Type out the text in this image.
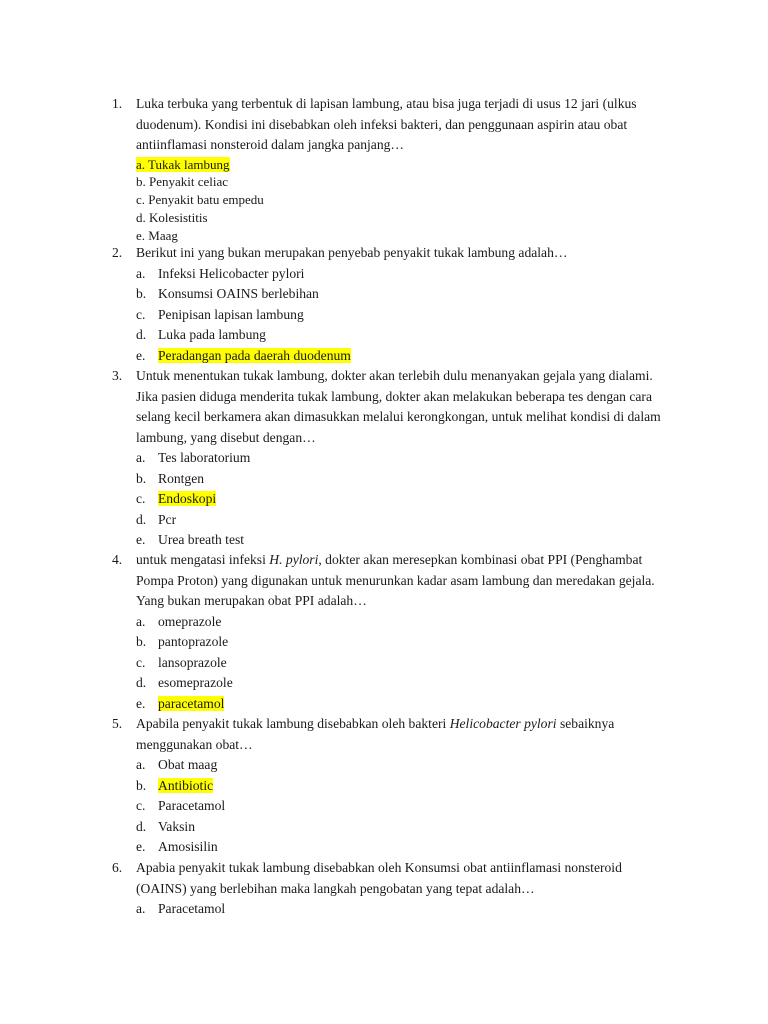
1.	Luka terbuka yang terbentuk di lapisan lambung, atau bisa juga terjadi di usus 12 jari (ulkus duodenum). Kondisi ini disebabkan oleh infeksi bakteri, dan penggunaan aspirin atau obat antiinflamasi nonsteroid dalam jangka panjang…
a. Tukak lambung
b. Penyakit celiac
c. Penyakit batu empedu
d. Kolesistitis
e. Maag
2.	Berikut ini yang bukan merupakan penyebab penyakit tukak lambung adalah…
a. Infeksi Helicobacter pylori
b. Konsumsi OAINS berlebihan
c. Penipisan lapisan lambung
d. Luka pada lambung
e. Peradangan pada daerah duodenum
3.	Untuk menentukan tukak lambung, dokter akan terlebih dulu menanyakan gejala yang dialami. Jika pasien diduga menderita tukak lambung, dokter akan melakukan beberapa tes dengan cara selang kecil berkamera akan dimasukkan melalui kerongkongan, untuk melihat kondisi di dalam lambung, yang disebut dengan…
a. Tes laboratorium
b. Rontgen
c. Endoskopi
d. Pcr
e. Urea breath test
4.	untuk mengatasi infeksi H. pylori, dokter akan meresepkan kombinasi obat PPI (Penghambat Pompa Proton) yang digunakan untuk menurunkan kadar asam lambung dan meredakan gejala. Yang bukan merupakan obat PPI adalah…
a. omeprazole
b. pantoprazole
c. lansoprazole
d. esomeprazole
e. paracetamol
5.	Apabila penyakit tukak lambung disebabkan oleh bakteri Helicobacter pylori sebaiknya menggunakan obat…
a. Obat maag
b. Antibiotic
c. Paracetamol
d. Vaksin
e. Amosisilin
6.	Apabia penyakit tukak lambung disebabkan oleh Konsumsi obat antiinflamasi nonsteroid (OAINS) yang berlebihan maka langkah pengobatan yang tepat adalah…
a. Paracetamol
